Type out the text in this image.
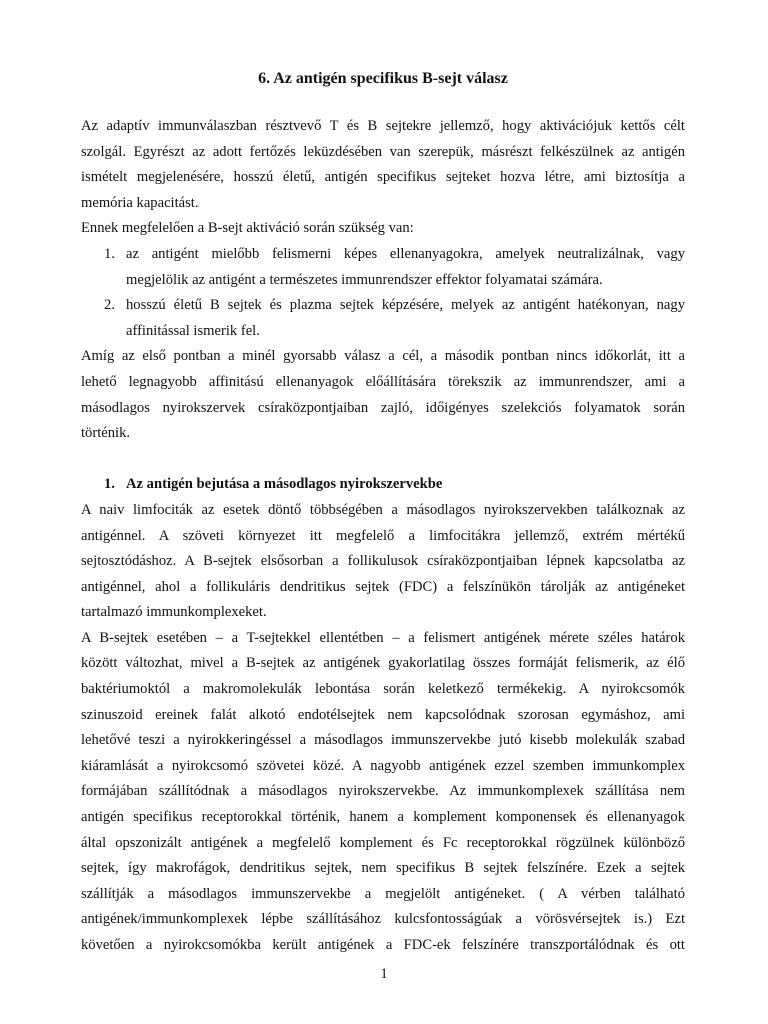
6. Az antigén specifikus B-sejt válasz
Az adaptív immunválaszban résztvevő T és B sejtekre jellemző, hogy aktivációjuk kettős célt
szolgál. Egyrészt az adott fertőzés leküzdésében van szerepük, másrészt felkészülnek az antigén
ismételt megjelenésére, hosszú életű, antigén specifikus sejteket hozva létre, ami biztosítja a
memória kapacitást.
Ennek megfelelően a B-sejt aktiváció során szükség van:
1. az antigént mielőbb felismerni képes ellenanyagokra, amelyek neutralizálnak, vagy
megjelölik az antigént a természetes immunrendszer effektor folyamatai számára.
2. hosszú életű B sejtek és plazma sejtek képzésére, melyek az antigént hatékonyan, nagy
affinitással ismerik fel.
Amíg az első pontban a minél gyorsabb válasz a cél, a második pontban nincs időkorlát, itt a
lehető legnagyobb affinitású ellenanyagok előállítására törekszik az immunrendszer, ami a
másodlagos nyirokszervek csíraközpontjaiban zajló, időigényes szelekciós folyamatok során
történik.
1. Az antigén bejutása a másodlagos nyirokszervekbe
A naiv limfociták az esetek döntő többségében a másodlagos nyirokszervekben találkoznak az
antigénnel. A szöveti környezet itt megfelelő a limfocitákra jellemző, extrém mértékű
sejtosztódáshoz. A B-sejtek elsősorban a follikulusok csíraközpontjaiban lépnek kapcsolatba az
antigénnel, ahol a follikuláris dendritikus sejtek (FDC) a felszínükön tárolják az antigéneket
tartalmazó immunkomplexeket.
A B-sejtek esetében – a T-sejtekkel ellentétben – a felismert antigének mérete széles határok
között változhat, mivel a B-sejtek az antigének gyakorlatilag összes formáját felismerik, az élő
baktériumoktól a makromolekulák lebontása során keletkező termékekig. A nyirokcsomók
szinuszoid ereinek falát alkotó endotélsejtek nem kapcsolódnak szorosan egymáshoz, ami
lehetővé teszi a nyirokkeringéssel a másodlagos immunszervekbe jutó kisebb molekulák szabad
kiáramlását a nyirokcsomó szövetei közé. A nagyobb antigének ezzel szemben immunkomplex
formájában szállítódnak a másodlagos nyirokszervekbe. Az immunkomplexek szállítása nem
antigén specifikus receptorokkal történik, hanem a komplement komponensek és ellenanyagok
által opszonizált antigének a megfelelő komplement és Fc receptorokkal rögzülnek különböző
sejtek, így makrofágok, dendritikus sejtek, nem specifikus B sejtek felszínére. Ezek a sejtek
szállítják a másodlagos immunszervekbe a megjelölt antigéneket. ( A vérben található
antigének/immunkomplexek lépbe szállításához kulcsfontosságúak a vörösvérsejtek is.) Ezt
követően a nyirokcsomókba került antigének a FDC-ek felszínére transzportálódnak és ott
1
